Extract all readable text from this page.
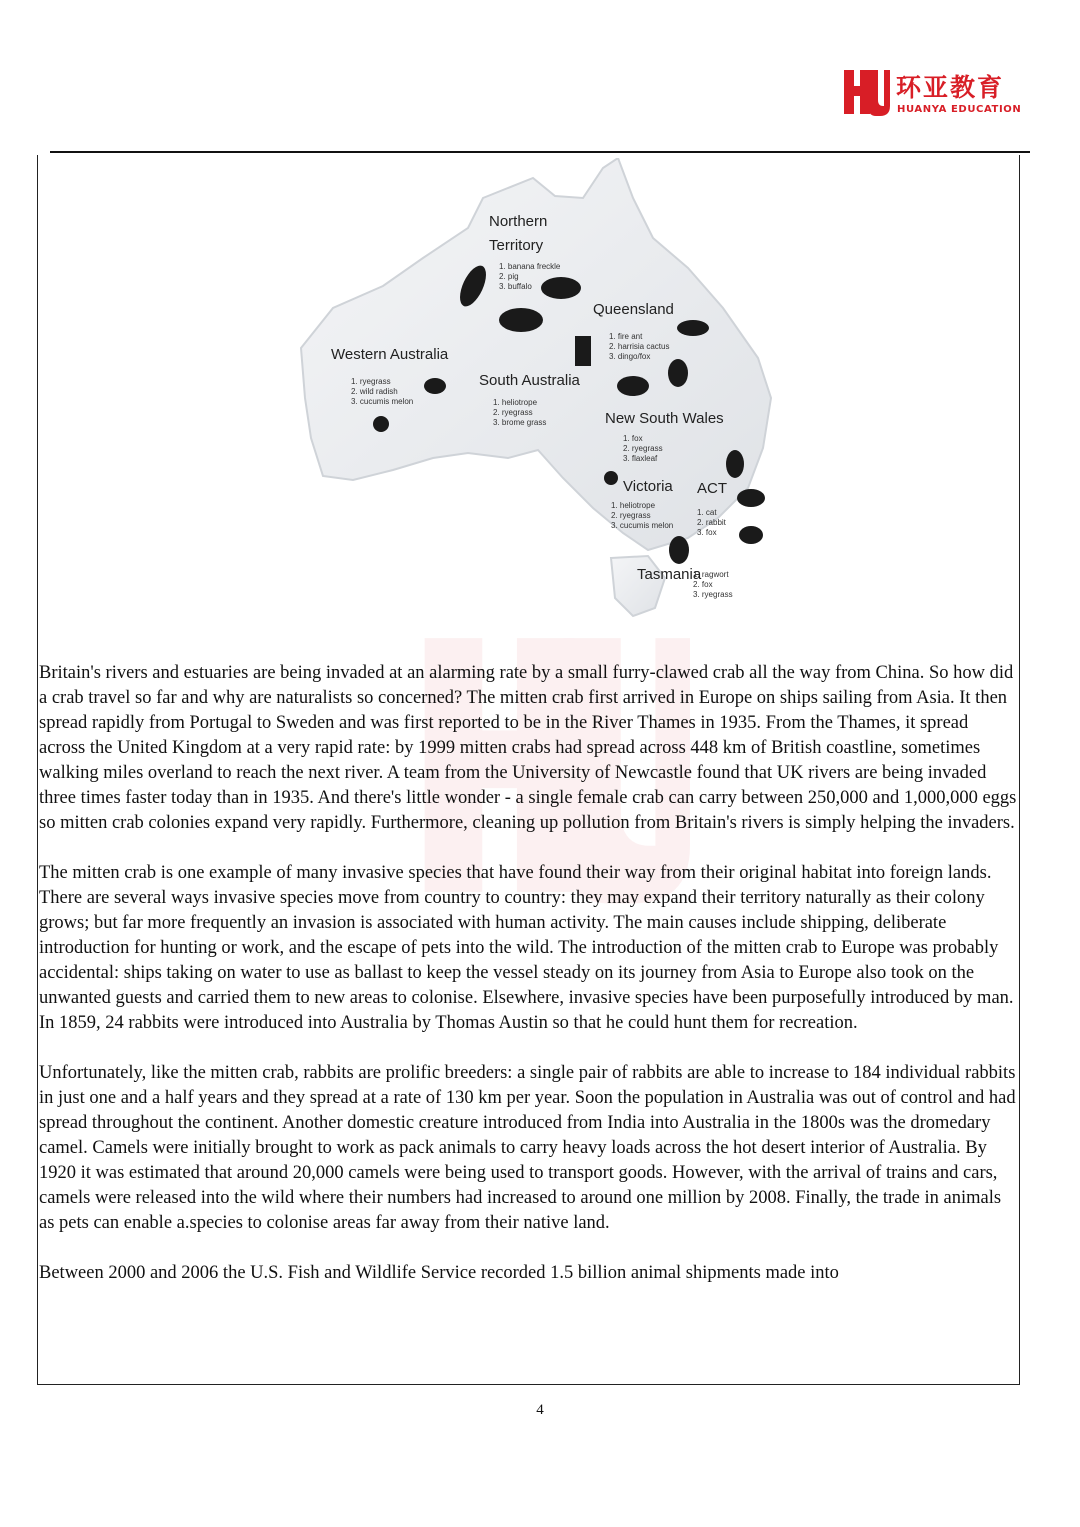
环亚教育
HUANYA EDUCATION
Northern Territory
1. banana freckle
2. pig
3. buffalo
Queensland
1. fire ant
2. harrisia cactus
3. dingo/fox
Western Australia
1. ryegrass
2. wild radish
3. cucumis melon
South Australia
1. heliotrope
2. ryegrass
3. brome grass	New South Wales
1. fox
2. ryegrass
3. flaxleaf
Victoria
1. heliotrope
2. ryegrass
3. cucumis melon
ACT
1. cat
2. rabbit
3. fox
Tasmania
1. ragwort
2. fox
3. ryegrass

Britain's rivers and estuaries are being invaded at an alarming rate by a small furry-clawed crab all the way from China. So how did a crab travel so far and why are naturalists so concerned? The mitten crab first arrived in Europe on ships sailing from Asia. It then spread rapidly from Portugal to Sweden and was first reported to be in the River Thames in 1935. From the Thames, it spread across the United Kingdom at a very rapid rate: by 1999 mitten crabs had spread across 448 km of British coastline, sometimes walking miles overland to reach the next river. A team from the University of Newcastle found that UK rivers are being invaded three times faster today than in 1935. And there's little wonder - a single female crab can carry between 250,000 and 1,000,000 eggs so mitten crab colonies expand very rapidly. Furthermore, cleaning up pollution from Britain's rivers is simply helping the invaders.

The mitten crab is one example of many invasive species that have found their way from their original habitat into foreign lands. There are several ways invasive species move from country to country: they may expand their territory naturally as their colony grows; but far more frequently an invasion is associated with human activity. The main causes include shipping, deliberate introduction for hunting or work, and the escape of pets into the wild. The introduction of the mitten crab to Europe was probably accidental: ships taking on water to use as ballast to keep the vessel steady on its journey from Asia to Europe also took on the unwanted guests and carried them to new areas to colonise. Elsewhere, invasive species have been purposefully introduced by man. In 1859, 24 rabbits were introduced into Australia by Thomas Austin so that he could hunt them for recreation.

Unfortunately, like the mitten crab, rabbits are prolific breeders: a single pair of rabbits are able to increase to 184 individual rabbits in just one and a half years and they spread at a rate of 130 km per year. Soon the population in Australia was out of control and had spread throughout the continent. Another domestic creature introduced from India into Australia in the 1800s was the dromedary camel. Camels were initially brought to work as pack animals to carry heavy loads across the hot desert interior of Australia. By 1920 it was estimated that around 20,000 camels were being used to transport goods. However, with the arrival of trains and cars, camels were released into the wild where their numbers had increased to around one million by 2008. Finally, the trade in animals as pets can enable a.species to colonise areas far away from their native land.

Between 2000 and 2006 the U.S. Fish and Wildlife Service recorded 1.5 billion animal shipments made into

4
